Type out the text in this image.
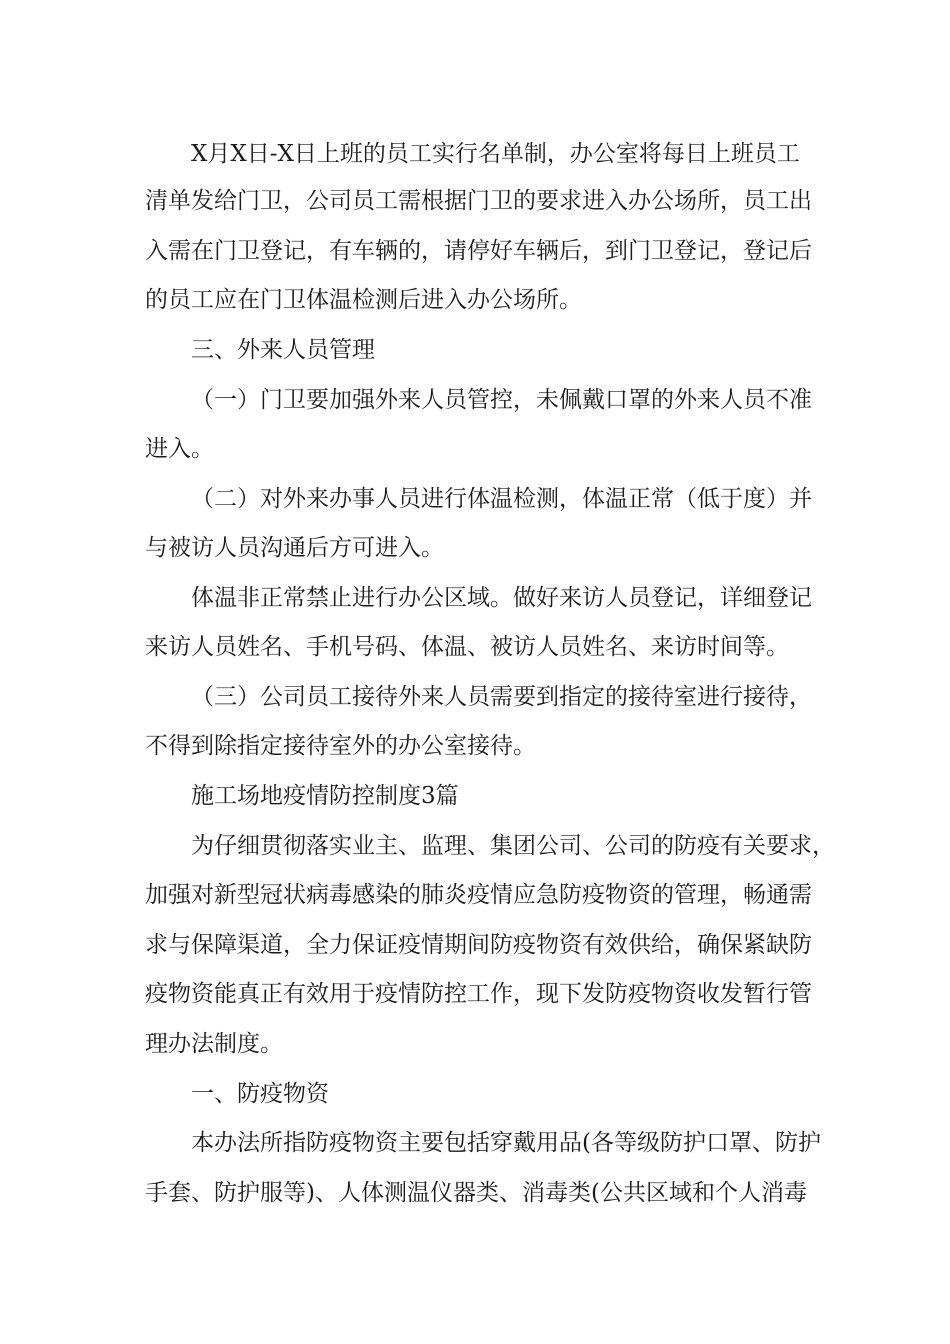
X月X日-X日上班的员工实行名单制，办公室将每日上班员工
清单发给门卫，公司员工需根据门卫的要求进入办公场所，员工出
入需在门卫登记，有车辆的，请停好车辆后，到门卫登记，登记后
的员工应在门卫体温检测后进入办公场所。
三、外来人员管理
（一）门卫要加强外来人员管控，未佩戴口罩的外来人员不准
进入。
（二）对外来办事人员进行体温检测，体温正常（低于度）并
与被访人员沟通后方可进入。
体温非正常禁止进行办公区域。做好来访人员登记，详细登记
来访人员姓名、手机号码、体温、被访人员姓名、来访时间等。
（三）公司员工接待外来人员需要到指定的接待室进行接待，
不得到除指定接待室外的办公室接待。
施工场地疫情防控制度3篇
为仔细贯彻落实业主、监理、集团公司、公司的防疫有关要求，
加强对新型冠状病毒感染的肺炎疫情应急防疫物资的管理，畅通需
求与保障渠道，全力保证疫情期间防疫物资有效供给，确保紧缺防
疫物资能真正有效用于疫情防控工作，现下发防疫物资收发暂行管
理办法制度。
一、防疫物资
本办法所指防疫物资主要包括穿戴用品(各等级防护口罩、防护
手套、防护服等)、人体测温仪器类、消毒类(公共区域和个人消毒
